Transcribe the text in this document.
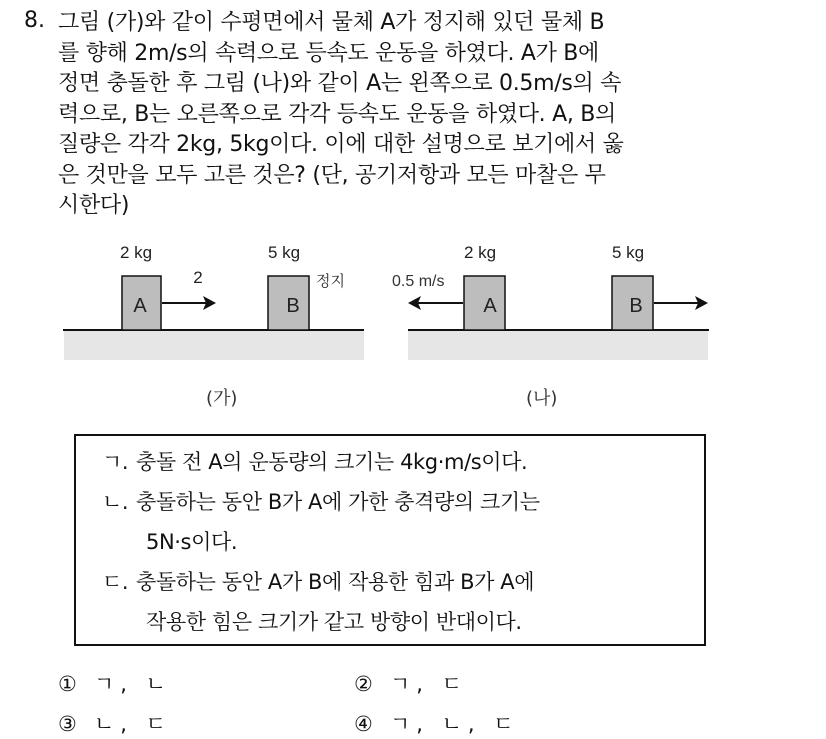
8. 그림 (가)와 같이 수평면에서 물체 A가 정지해 있던 물체 B
를 향해 2m/s의 속력으로 등속도 운동을 하였다. A가 B에
정면 충돌한 후 그림 (나)와 같이 A는 왼쪽으로 0.5m/s의 속
력으로, B는 오른쪽으로 각각 등속도 운동을 하였다. A, B의
질량은 각각 2kg, 5kg이다. 이에 대한 설명으로 보기에서 옳
은 것만을 모두 고른 것은? (단, 공기저항과 모든 마찰은 무
시한다)
A
2 kg
2
B
5 kg
정지
(가)
A
2 kg
0.5 m/s
B
5 kg
(나)
ㄱ. 충돌 전 A의 운동량의 크기는 4kg·m/s이다.
ㄴ. 충돌하는 동안 B가 A에 가한 충격량의 크기는
5N·s이다.
ㄷ. 충돌하는 동안 A가 B에 작용한 힘과 B가 A에
작용한 힘은 크기가 같고 방향이 반대이다.
① ㄱ, ㄴ	② ㄱ, ㄷ
③ ㄴ, ㄷ	④ ㄱ, ㄴ, ㄷ
